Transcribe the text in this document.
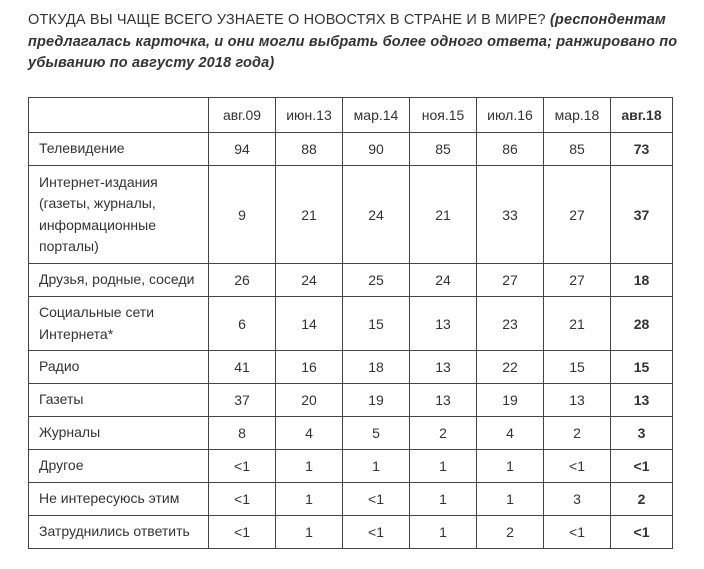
ОТКУДА ВЫ ЧАЩЕ ВСЕГО УЗНАЕТЕ О НОВОСТЯХ В СТРАНЕ И В МИРЕ? (респондентам предлагалась карточка, и они могли выбрать более одного ответа; ранжировано по убыванию по августу 2018 года)
	авг.09	июн.13	мар.14	ноя.15	июл.16	мар.18	авг.18
Телевидение	94	88	90	85	86	85	73
Интернет-издания (газеты, журналы, информационные порталы)	9	21	24	21	33	27	37
Друзья, родные, соседи	26	24	25	24	27	27	18
Социальные сети Интернета*	6	14	15	13	23	21	28
Радио	41	16	18	13	22	15	15
Газеты	37	20	19	13	19	13	13
Журналы	8	4	5	2	4	2	3
Другое	<1	1	1	1	1	<1	<1
Не интересуюсь этим	<1	1	<1	1	1	3	2
Затруднились ответить	<1	1	<1	1	2	<1	<1
